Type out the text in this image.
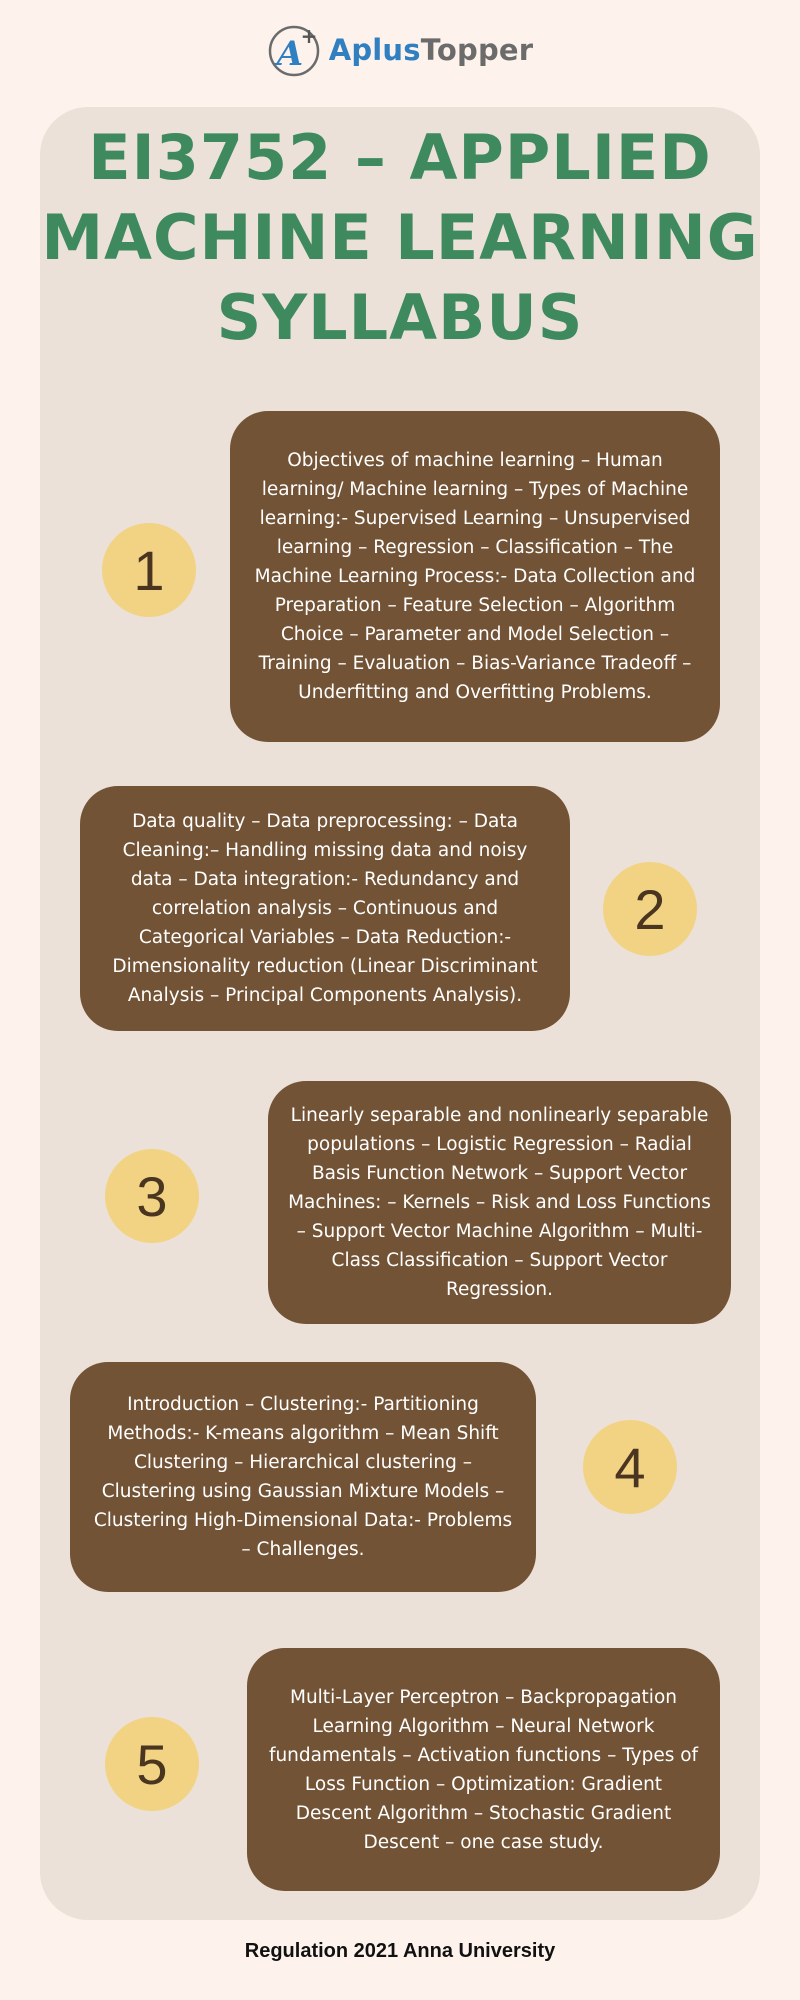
A
+ AplusTopper
EI3752 – APPLIED
MACHINE LEARNING
SYLLABUS
1
Objectives of machine learning – Human learning/ Machine learning – Types of Machine learning:- Supervised Learning – Unsupervised learning – Regression – Classification – The Machine Learning Process:- Data Collection and Preparation – Feature Selection – Algorithm Choice – Parameter and Model Selection – Training – Evaluation – Bias-Variance Tradeoff – Underfitting and Overfitting Problems.
Data quality – Data preprocessing: – Data Cleaning:– Handling missing data and noisy data – Data integration:- Redundancy and correlation analysis – Continuous and Categorical Variables – Data Reduction:- Dimensionality reduction (Linear Discriminant Analysis – Principal Components Analysis).
2
3
Linearly separable and nonlinearly separable populations – Logistic Regression – Radial Basis Function Network – Support Vector Machines: – Kernels – Risk and Loss Functions – Support Vector Machine Algorithm – Multi-Class Classification – Support Vector Regression.
Introduction – Clustering:- Partitioning Methods:- K-means algorithm – Mean Shift Clustering – Hierarchical clustering – Clustering using Gaussian Mixture Models – Clustering High-Dimensional Data:- Problems – Challenges.
4
5
Multi-Layer Perceptron – Backpropagation Learning Algorithm – Neural Network fundamentals – Activation functions – Types of Loss Function – Optimization: Gradient Descent Algorithm – Stochastic Gradient Descent – one case study.
Regulation 2021 Anna University
